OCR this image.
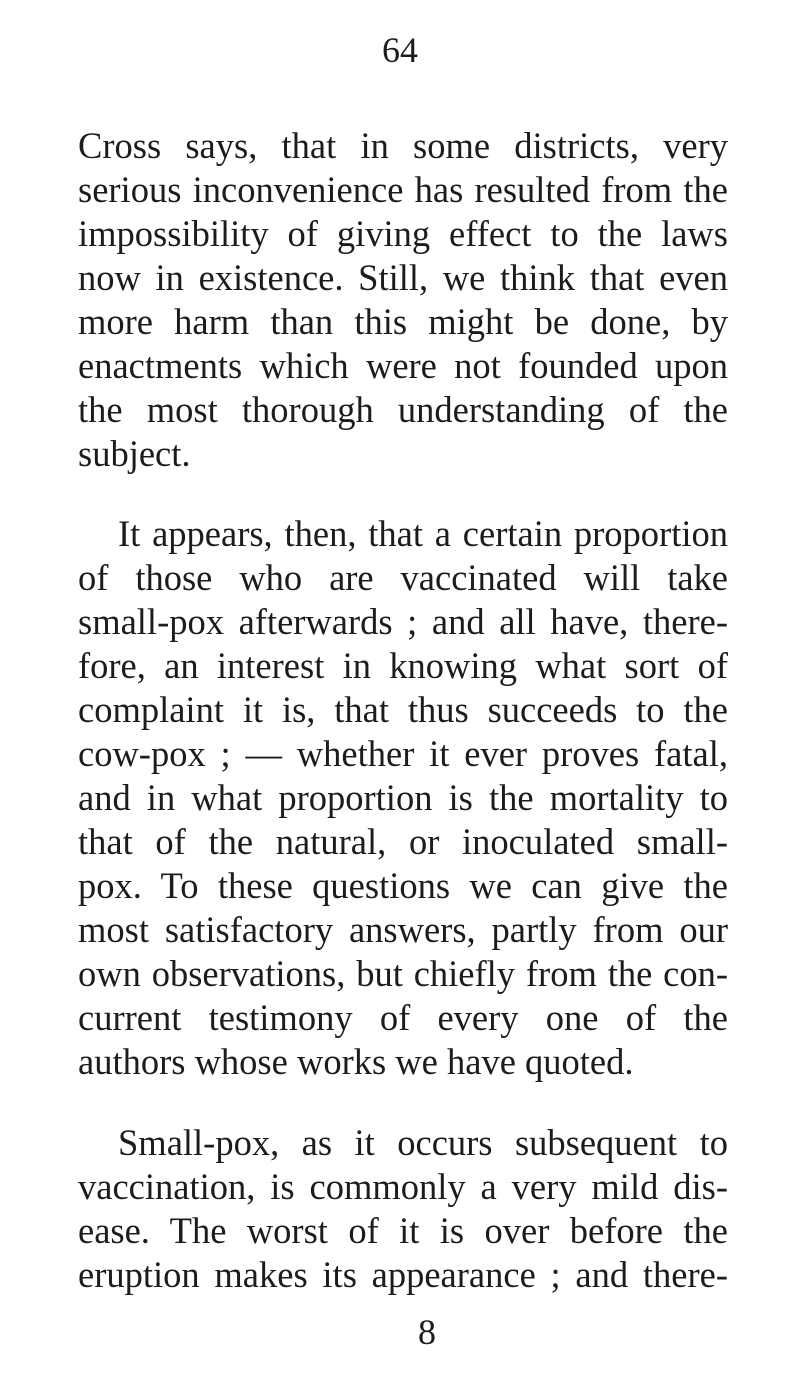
64
Cross says, that in some districts, very
serious inconvenience has resulted from the
impossibility of giving effect to the laws
now in existence. Still, we think that even
more harm than this might be done, by
enactments which were not founded upon
the most thorough understanding of the
subject.
It appears, then, that a certain proportion
of those who are vaccinated will take
small-pox afterwards ; and all have, there-
fore, an interest in knowing what sort of
complaint it is, that thus succeeds to the
cow-pox ; — whether it ever proves fatal,
and in what proportion is the mortality to
that of the natural, or inoculated small-
pox. To these questions we can give the
most satisfactory answers, partly from our
own observations, but chiefly from the con-
current testimony of every one of the
authors whose works we have quoted.
Small-pox, as it occurs subsequent to
vaccination, is commonly a very mild dis-
ease. The worst of it is over before the
eruption makes its appearance ; and there-
8
